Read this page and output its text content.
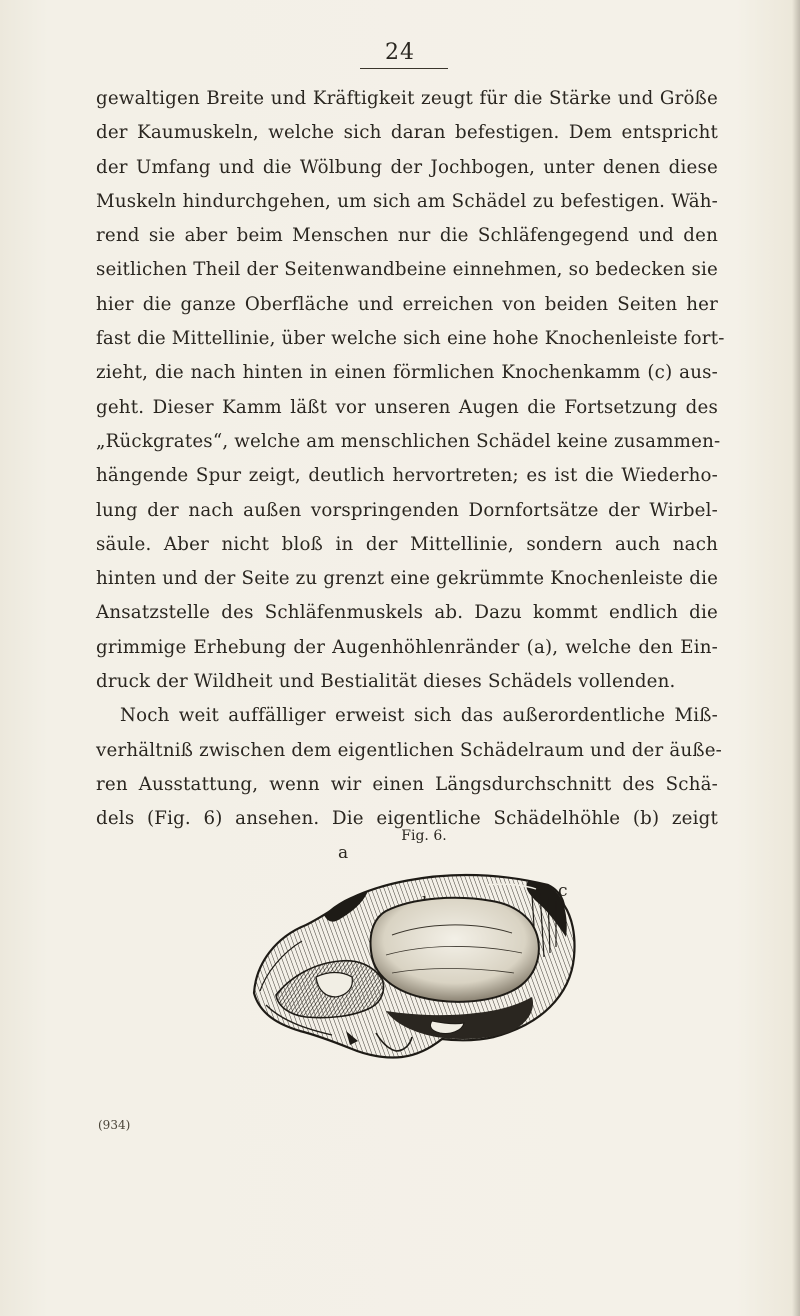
24
gewaltigen Breite und Kräftigkeit zeugt für die Stärke und Größe
der Kaumuskeln, welche sich daran befestigen. Dem entspricht
der Umfang und die Wölbung der Jochbogen, unter denen diese
Muskeln hindurchgehen, um sich am Schädel zu befestigen. Wäh-
rend sie aber beim Menschen nur die Schläfengegend und den
seitlichen Theil der Seitenwandbeine einnehmen, so bedecken sie
hier die ganze Oberfläche und erreichen von beiden Seiten her
fast die Mittellinie, über welche sich eine hohe Knochenleiste fort-
zieht, die nach hinten in einen förmlichen Knochenkamm (c) aus-
geht. Dieser Kamm läßt vor unseren Augen die Fortsetzung des
„Rückgrates“, welche am menschlichen Schädel keine zusammen-
hängende Spur zeigt, deutlich hervortreten; es ist die Wiederho-
lung der nach außen vorspringenden Dornfortsätze der Wirbel-
säule. Aber nicht bloß in der Mittellinie, sondern auch nach
hinten und der Seite zu grenzt eine gekrümmte Knochenleiste die
Ansatzstelle des Schläfenmuskels ab. Dazu kommt endlich die
grimmige Erhebung der Augenhöhlenränder (a), welche den Ein-
druck der Wildheit und Bestialität dieses Schädels vollenden.
Noch weit auffälliger erweist sich das außerordentliche Miß-
verhältniß zwischen dem eigentlichen Schädelraum und der äuße-
ren Ausstattung, wenn wir einen Längsdurchschnitt des Schä-
dels (Fig. 6) ansehen. Die eigentliche Schädelhöhle (b) zeigt
Fig. 6.
a
c
(934)
